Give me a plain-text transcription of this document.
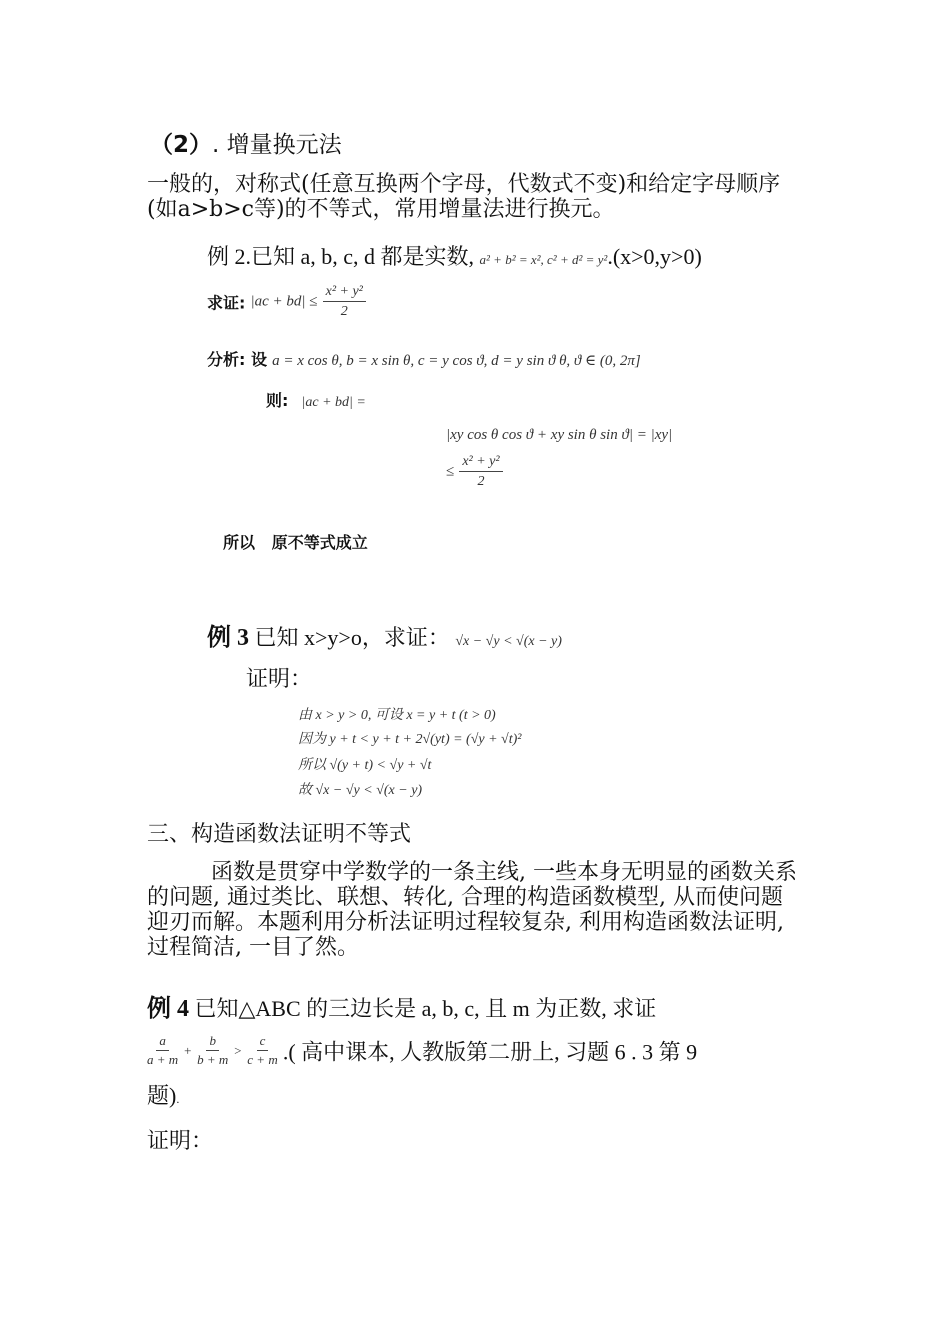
（2）. 增量换元法
一般的，对称式(任意互换两个字母，代数式不变)和给定字母顺序(如a>b>c等)的不等式，常用增量法进行换元。
例 2.已知 a, b, c, d 都是实数, a² + b² = x², c² + d² = y².(x>0,y>0)
求证: $|ac + bd| \le \frac{\text{x² + y²}}{2}$
分析: 设 a = x cos θ, b = x sin θ, c = y cos ϑ, d = y sin ϑ θ, ϑ ∈ (0, 2π]
则: |ac + bd| =
|xy cos θ cos ϑ + xy sin θ sin ϑ| = |xy|
≤ $\frac{\text{x² + y²}}{2}$
所以   原不等式成立
例 3 已知 x>y>o，求证： √x − √y < √(x − y)
证明：
由 x > y > 0, 可设 x = y + t (t > 0)
因为 y + t < y + t + 2√(yt) = (√y + √t)²
所以 √(y + t) < √y + √t
故 √x − √y < √(x − y)
三、构造函数法证明不等式
函数是贯穿中学数学的一条主线, 一些本身无明显的函数关系的问题, 通过类比、联想、转化, 合理的构造函数模型, 从而使问题迎刃而解。本题利用分析法证明过程较复杂, 利用构造函数法证明, 过程简洁, 一目了然。
例 4 已知△ABC 的三边长是 a, b, c, 且 m 为正数, 求证
$\frac{a}{a + m} + \frac{b}{b + m} > \frac{c}{c + m}$ .( 高中课本, 人教版第二册上, 习题 6 . 3 第 9
题).
证明：
